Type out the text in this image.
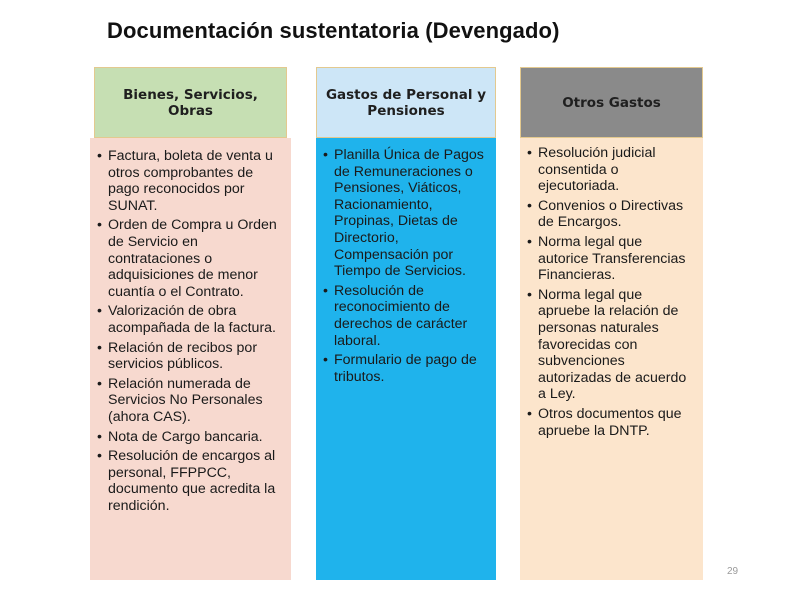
Documentación sustentatoria (Devengado)
Bienes, Servicios, Obras
• Factura, boleta de venta u otros comprobantes de pago reconocidos por SUNAT.
• Orden de Compra u Orden de Servicio en contrataciones o adquisiciones de menor cuantía o el Contrato.
• Valorización de obra acompañada de la factura.
• Relación de recibos por servicios públicos.
• Relación numerada de Servicios No Personales (ahora CAS).
• Nota de Cargo bancaria.
• Resolución de encargos al personal, FFPPCC, documento que acredita la rendición.
Gastos de Personal y Pensiones
• Planilla Única de Pagos de Remuneraciones o Pensiones, Viáticos, Racionamiento, Propinas, Dietas de Directorio, Compensación por Tiempo de Servicios.
• Resolución de reconocimiento de derechos de carácter laboral.
• Formulario de pago de tributos.
Otros Gastos
• Resolución judicial consentida o ejecutoriada.
• Convenios o Directivas de Encargos.
• Norma legal que autorice Transferencias Financieras.
• Norma legal que apruebe la relación de personas naturales favorecidas con subvenciones autorizadas de acuerdo a Ley.
• Otros documentos que apruebe la DNTP.
29
